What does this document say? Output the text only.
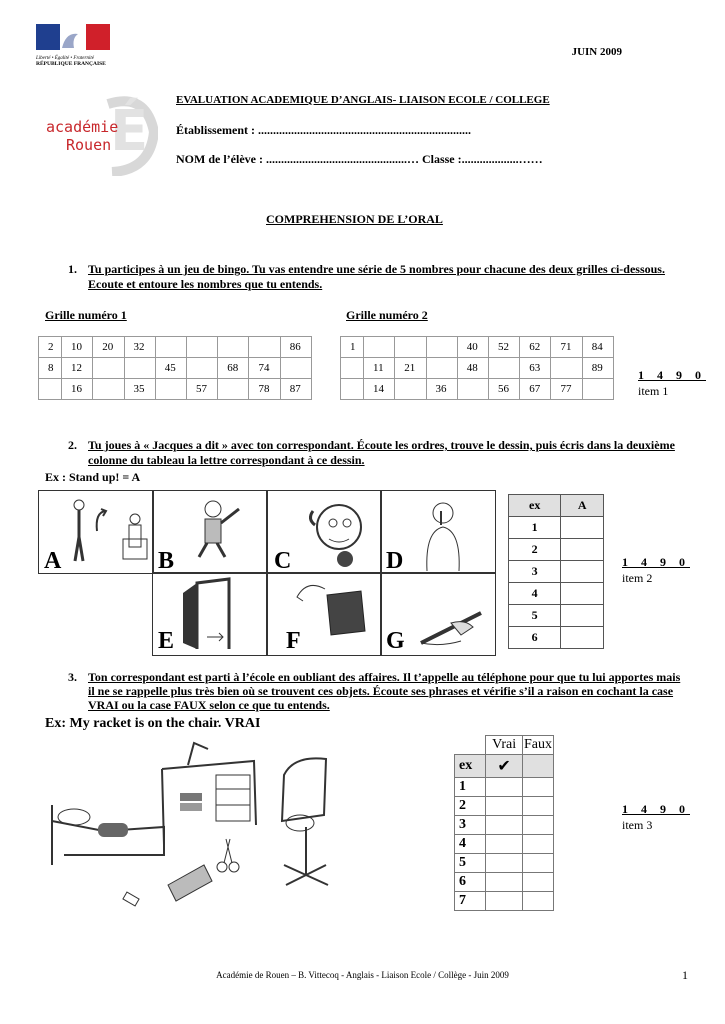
Liberté • Égalité • Fraternité
RÉPUBLIQUE FRANÇAISE
É
académie
Rouen
JUIN 2009
EVALUATION ACADEMIQUE D’ANGLAIS- LIAISON ECOLE / COLLEGE
Établissement : .......................................................................
NOM de l’élève : ...............................................… Classe :...................……
COMPREHENSION DE L’ORAL
1. Tu participes à un jeu de bingo. Tu vas entendre une série de 5 nombres pour chacune des deux grilles ci-dessous. Ecoute et entoure les nombres que tu entends.
Grille numéro 1	Grille numéro 2
2	10	20	32					86
8	12			45		68	74	
	16		35		57		78	87
1				40	52	62	71	84
	11	21		48		63		89
	14		36		56	67	77	
1 4 9 0
item 1
2. Tu joues à « Jacques a dit » avec ton correspondant. Écoute les ordres, trouve le dessin, puis écris dans la deuxième colonne du tableau la lettre correspondant à ce dessin.
Ex : Stand up! = A
A	B	C	D
E	F	G
ex	A
1	
2	
3	
4	
5	
6	
1 4 9 0
item 2
3. Ton correspondant est parti à l’école en oubliant des affaires. Il t’appelle au téléphone pour que tu lui apportes mais il ne se rappelle plus très bien où se trouvent ces objets. Écoute ses phrases et vérifie s’il a raison en cochant la case VRAI ou la case FAUX selon ce que tu entends.
Ex: My racket is on the chair. VRAI
	Vrai	Faux
ex	✔	
1		
2		
3		
4		
5		
6		
7		
1 4 9 0
item 3
Académie de Rouen – B. Vittecoq - Anglais - Liaison Ecole / Collège - Juin 2009	1
